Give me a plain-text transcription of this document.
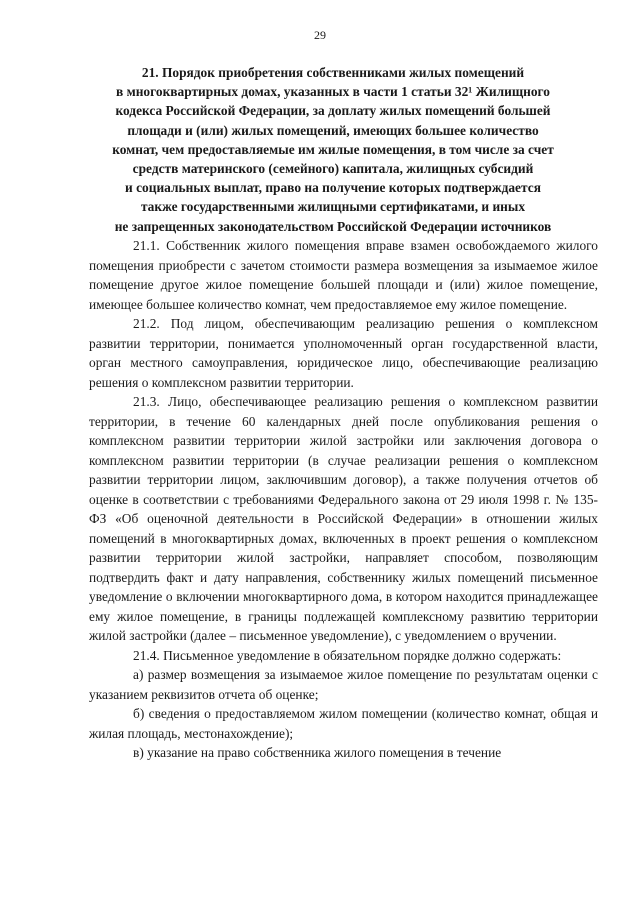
29
21. Порядок приобретения собственниками жилых помещений
в многоквартирных домах, указанных в части 1 статьи 32¹ Жилищного
кодекса Российской Федерации, за доплату жилых помещений большей
площади и (или) жилых помещений, имеющих большее количество
комнат, чем предоставляемые им жилые помещения, в том числе за счет
средств материнского (семейного) капитала, жилищных субсидий
и социальных выплат, право на получение которых подтверждается
также государственными жилищными сертификатами, и иных
не запрещенных законодательством Российской Федерации источников

21.1. Собственник жилого помещения вправе взамен освобождаемого жилого помещения приобрести с зачетом стоимости размера возмещения за изымаемое жилое помещение другое жилое помещение большей площади и (или) жилое помещение, имеющее большее количество комнат, чем предоставляемое ему жилое помещение.

21.2. Под лицом, обеспечивающим реализацию решения о комплексном развитии территории, понимается уполномоченный орган государственной власти, орган местного самоуправления, юридическое лицо, обеспечивающие реализацию решения о комплексном развитии территории.

21.3. Лицо, обеспечивающее реализацию решения о комплексном развитии территории, в течение 60 календарных дней после опубликования решения о комплексном развитии территории жилой застройки или заключения договора о комплексном развитии территории (в случае реализации решения о комплексном развитии территории лицом, заключившим договор), а также получения отчетов об оценке в соответствии с требованиями Федерального закона от 29 июля 1998 г. № 135-ФЗ «Об оценочной деятельности в Российской Федерации» в отношении жилых помещений в многоквартирных домах, включенных в проект решения о комплексном развитии территории жилой застройки, направляет способом, позволяющим подтвердить факт и дату направления, собственнику жилых помещений письменное уведомление о включении многоквартирного дома, в котором находится принадлежащее ему жилое помещение, в границы подлежащей комплексному развитию территории жилой застройки (далее – письменное уведомление), с уведомлением о вручении.

21.4. Письменное уведомление в обязательном порядке должно содержать:

а) размер возмещения за изымаемое жилое помещение по результатам оценки с указанием реквизитов отчета об оценке;

б) сведения о предоставляемом жилом помещении (количество комнат, общая и жилая площадь, местонахождение);

в) указание на право собственника жилого помещения в течение
